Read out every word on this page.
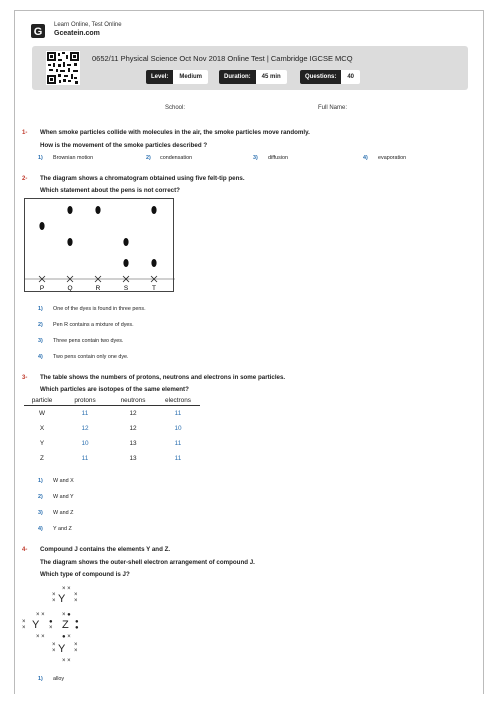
G
Learn Online, Test Online
Gceatein.com
0652/11 Physical Science Oct Nov 2018 Online Test | Cambridge IGCSE MCQ
Level:	Medium	Duration:	45 min	Questions:	40
School:	Full Name:
1- When smoke particles collide with molecules in the air, the smoke particles move randomly.
How is the movement of the smoke particles described ?
1) Brownian motion	2) condensation	3) diffusion	4) evaporation
2- The diagram shows a chromatogram obtained using five felt-tip pens.
Which statement about the pens is not correct?
P	Q	R	S	T
1) One of the dyes is found in three pens.
2) Pen R contains a mixture of dyes.
3) Three pens contain two dyes.
4) Two pens contain only one dye.
3- The table shows the numbers of protons, neutrons and electrons in some particles.
Which particles are isotopes of the same element?
particle	protons	neutrons	electrons
W	11	12	11
X	12	12	10
Y	10	13	11
Z	11	13	11
1) W and X
2) W and Y
3) W and Z
4) Y and Z
4- Compound J contains the elements Y and Z.
The diagram shows the outer-shell electron arrangement of compound J.
Which type of compound is J?
× ×
Y
×
×
×
×
× ×	× ●
×
× Y ●
× Z ●
●
× ×	● ×
×
× Y ×
×
× ×
1) alloy
